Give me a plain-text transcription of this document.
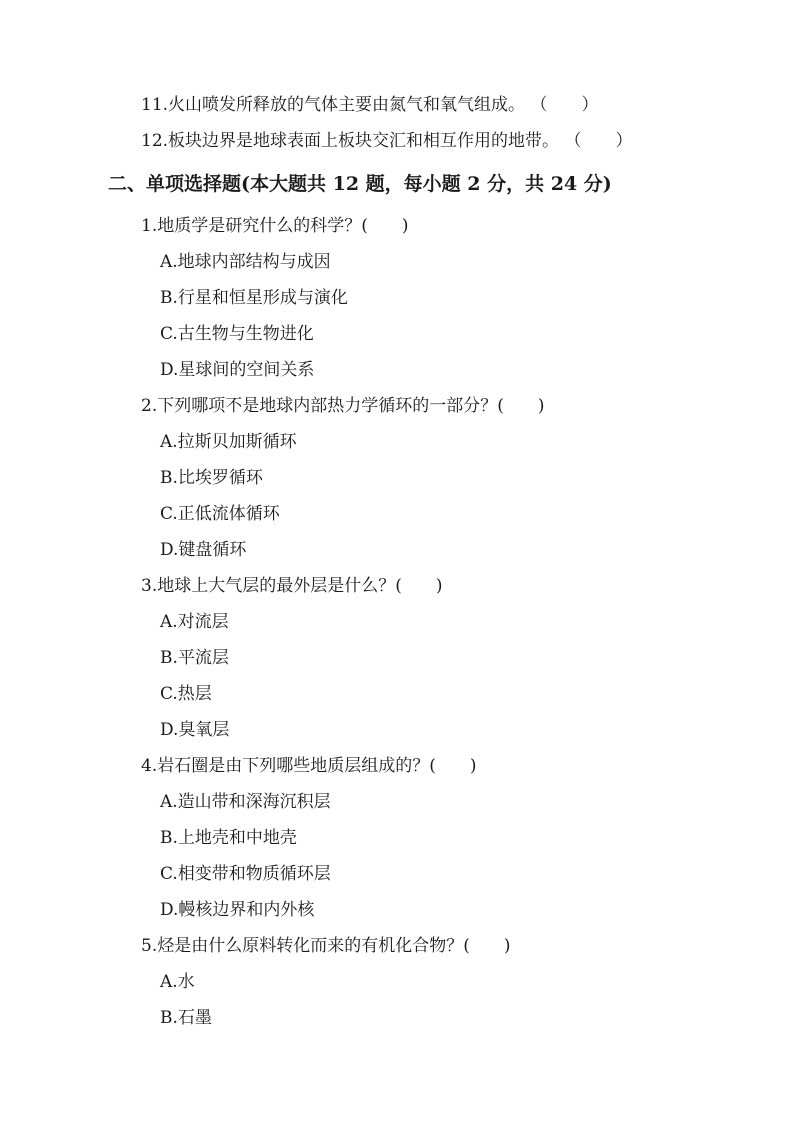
11.火山喷发所释放的气体主要由氮气和氧气组成。 （　　）
12.板块边界是地球表面上板块交汇和相互作用的地带。 （　　）
二、单项选择题(本大题共 12 题，每小题 2 分，共 24 分)
1.地质学是研究什么的科学？(　　)
A.地球内部结构与成因
B.行星和恒星形成与演化
C.古生物与生物进化
D.星球间的空间关系
2.下列哪项不是地球内部热力学循环的一部分？(　　)
A.拉斯贝加斯循环
B.比埃罗循环
C.正低流体循环
D.键盘循环
3.地球上大气层的最外层是什么？(　　)
A.对流层
B.平流层
C.热层
D.臭氧层
4.岩石圈是由下列哪些地质层组成的？(　　)
A.造山带和深海沉积层
B.上地壳和中地壳
C.相变带和物质循环层
D.幔核边界和内外核
5.烃是由什么原料转化而来的有机化合物？(　　)
A.水
B.石墨
